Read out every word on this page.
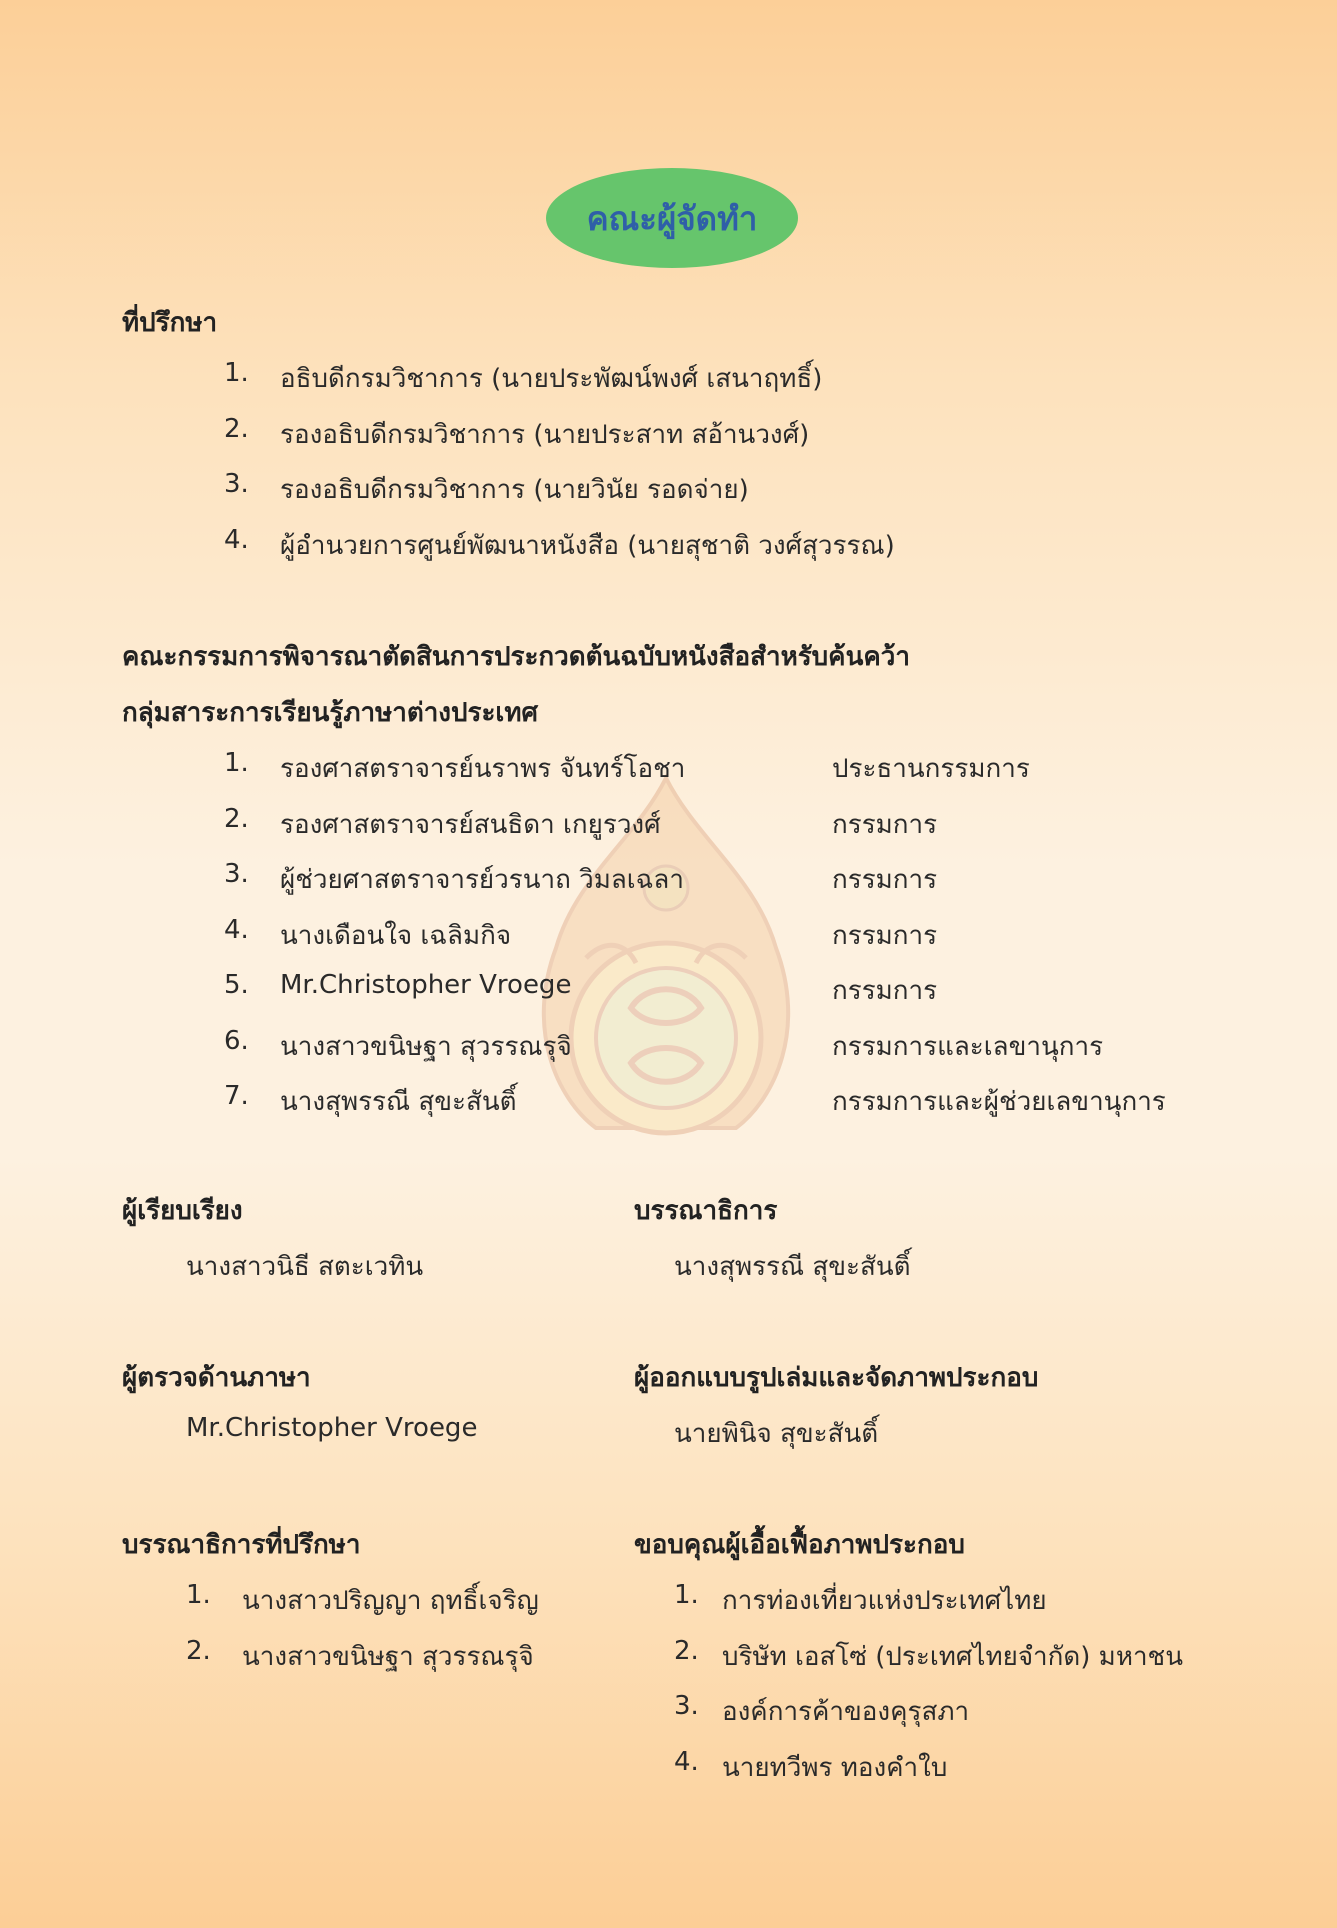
คณะผู้จัดทำ
ที่ปรึกษา
1. อธิบดีกรมวิชาการ (นายประพัฒน์พงศ์ เสนาฤทธิ์)
2. รองอธิบดีกรมวิชาการ (นายประสาท สอ้านวงศ์)
3. รองอธิบดีกรมวิชาการ (นายวินัย รอดจ่าย)
4. ผู้อำนวยการศูนย์พัฒนาหนังสือ (นายสุชาติ วงศ์สุวรรณ)
คณะกรรมการพิจารณาตัดสินการประกวดต้นฉบับหนังสือสำหรับค้นคว้า
กลุ่มสาระการเรียนรู้ภาษาต่างประเทศ
1. รองศาสตราจารย์นราพร จันทร์โอชา	ประธานกรรมการ
2. รองศาสตราจารย์สนธิดา เกยูรวงศ์	กรรมการ
3. ผู้ช่วยศาสตราจารย์วรนาถ วิมลเฉลา	กรรมการ
4. นางเดือนใจ เฉลิมกิจ	กรรมการ
5. Mr.Christopher Vroege	กรรมการ
6. นางสาวขนิษฐา สุวรรณรุจิ	กรรมการและเลขานุการ
7. นางสุพรรณี สุขะสันติ์	กรรมการและผู้ช่วยเลขานุการ
ผู้เรียบเรียง
นางสาวนิธี สตะเวทิน
บรรณาธิการ
นางสุพรรณี สุขะสันติ์
ผู้ตรวจด้านภาษา
Mr.Christopher Vroege
ผู้ออกแบบรูปเล่มและจัดภาพประกอบ
นายพินิจ สุขะสันติ์
บรรณาธิการที่ปรึกษา
1. นางสาวปริญญา ฤทธิ์เจริญ
2. นางสาวขนิษฐา สุวรรณรุจิ
ขอบคุณผู้เอื้อเฟื้อภาพประกอบ
1. การท่องเที่ยวแห่งประเทศไทย
2. บริษัท เอสโซ่ (ประเทศไทยจำกัด) มหาชน
3. องค์การค้าของคุรุสภา
4. นายทวีพร ทองคำใบ
